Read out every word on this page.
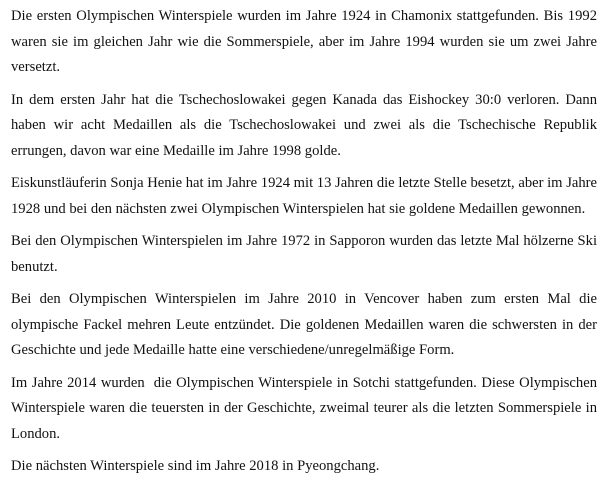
Die ersten Olympischen Winterspiele wurden im Jahre 1924 in Chamonix stattgefunden. Bis 1992 waren sie im gleichen Jahr wie die Sommerspiele, aber im Jahre 1994 wurden sie um zwei Jahre versetzt.

In dem ersten Jahr hat die Tschechoslowakei gegen Kanada das Eishockey 30:0 verloren. Dann haben wir acht Medaillen als die Tschechoslowakei und zwei als die Tschechische Republik errungen, davon war eine Medaille im Jahre 1998 golde.

Eiskunstläuferin Sonja Henie hat im Jahre 1924 mit 13 Jahren die letzte Stelle besetzt, aber im Jahre 1928 und bei den nächsten zwei Olympischen Winterspielen hat sie goldene Medaillen gewonnen.

Bei den Olympischen Winterspielen im Jahre 1972 in Sapporon wurden das letzte Mal hölzerne Ski benutzt.

Bei den Olympischen Winterspielen im Jahre 2010 in Vencover haben zum ersten Mal die olympische Fackel mehren Leute entzündet. Die goldenen Medaillen waren die schwersten in der Geschichte und jede Medaille hatte eine verschiedene/unregelmäßige Form.

Im Jahre 2014 wurden  die Olympischen Winterspiele in Sotchi stattgefunden. Diese Olympischen Winterspiele waren die teuersten in der Geschichte, zweimal teurer als die letzten Sommerspiele in London.

Die nächsten Winterspiele sind im Jahre 2018 in Pyeongchang.
